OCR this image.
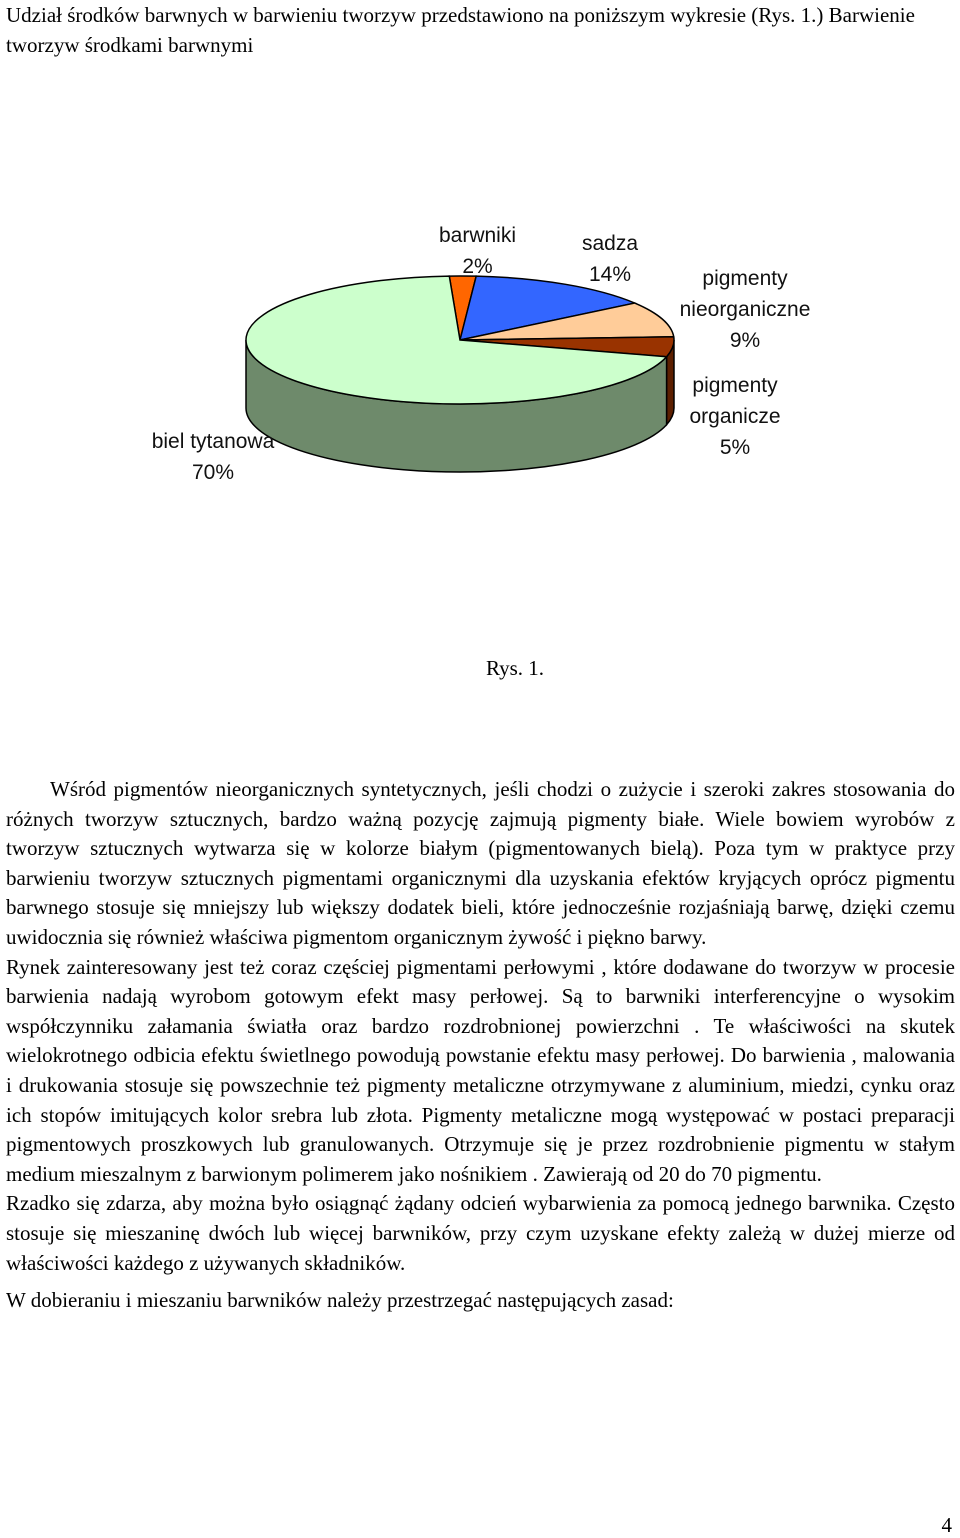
Udział środków barwnych w barwieniu tworzyw przedstawiono na poniższym wykresie (Rys. 1.) Barwienie tworzyw środkami barwnymi

biel tytanowa
70%
barwniki
2%
sadza
14%	pigmenty
nieorganiczne
9%
pigmenty
organicze
5%
Rys. 1.

Wśród pigmentów nieorganicznych syntetycznych, jeśli chodzi o zużycie i szeroki zakres stosowania do różnych tworzyw sztucznych, bardzo ważną pozycję zajmują pigmenty białe. Wiele bowiem wyrobów z tworzyw sztucznych wytwarza się w kolorze białym (pigmentowanych bielą). Poza tym w praktyce przy barwieniu tworzyw sztucznych pigmentami organicznymi dla uzyskania efektów kryjących oprócz pigmentu barwnego stosuje się mniejszy lub większy dodatek bieli, które jednocześnie rozjaśniają barwę, dzięki czemu uwidocznia się również właściwa pigmentom organicznym żywość i piękno barwy.

Rynek zainteresowany jest też coraz częściej pigmentami perłowymi , które dodawane do tworzyw w procesie barwienia nadają wyrobom gotowym efekt masy perłowej. Są to barwniki interferencyjne o wysokim współczynniku załamania światła oraz bardzo rozdrobnionej powierzchni . Te właściwości na skutek wielokrotnego odbicia efektu świetlnego powodują powstanie efektu masy perłowej. Do barwienia , malowania i drukowania stosuje się powszechnie też pigmenty metaliczne otrzymywane z aluminium, miedzi, cynku oraz ich stopów imitujących kolor srebra lub złota. Pigmenty metaliczne mogą występować w postaci preparacji pigmentowych proszkowych lub granulowanych. Otrzymuje się je przez rozdrobnienie pigmentu w stałym medium mieszalnym z barwionym polimerem jako nośnikiem . Zawierają od 20 do 70 pigmentu.

Rzadko się zdarza, aby można było osiągnąć żądany odcień wybarwienia za pomocą jednego barwnika. Często stosuje się mieszaninę dwóch lub więcej barwników, przy czym uzyskane efekty zależą w dużej mierze od właściwości każdego z używanych składników.

W dobieraniu i mieszaniu barwników należy przestrzegać następujących zasad:

4
